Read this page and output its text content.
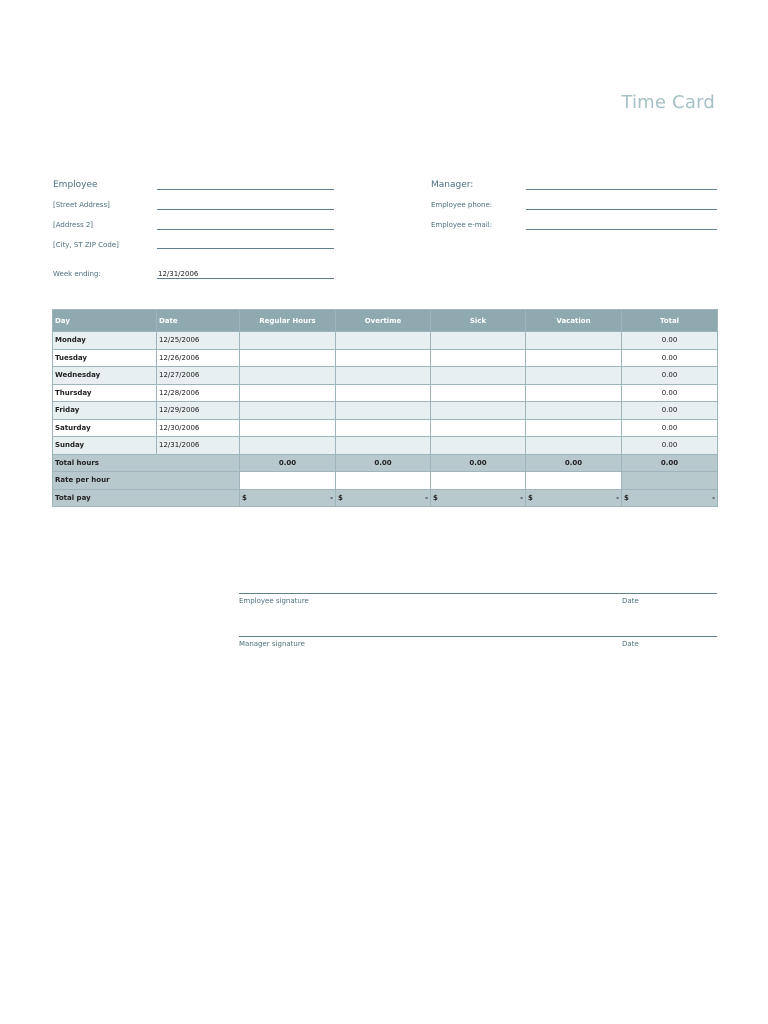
Time Card
Employee
[Street Address]
[Address 2]
[City, ST ZIP Code]
Week ending:	12/31/2006
Manager:
Employee phone:
Employee e-mail:
Day	Date	Regular Hours	Overtime	Sick	Vacation	Total
Monday	12/25/2006					0.00
Tuesday	12/26/2006					0.00
Wednesday	12/27/2006					0.00
Thursday	12/28/2006					0.00
Friday	12/29/2006					0.00
Saturday	12/30/2006					0.00
Sunday	12/31/2006					0.00
Total hours		0.00	0.00	0.00	0.00	0.00
Rate per hour						
Total pay		$ -	$ -	$ -	$ -	$ -
Employee signature	Date
Manager signature	Date
